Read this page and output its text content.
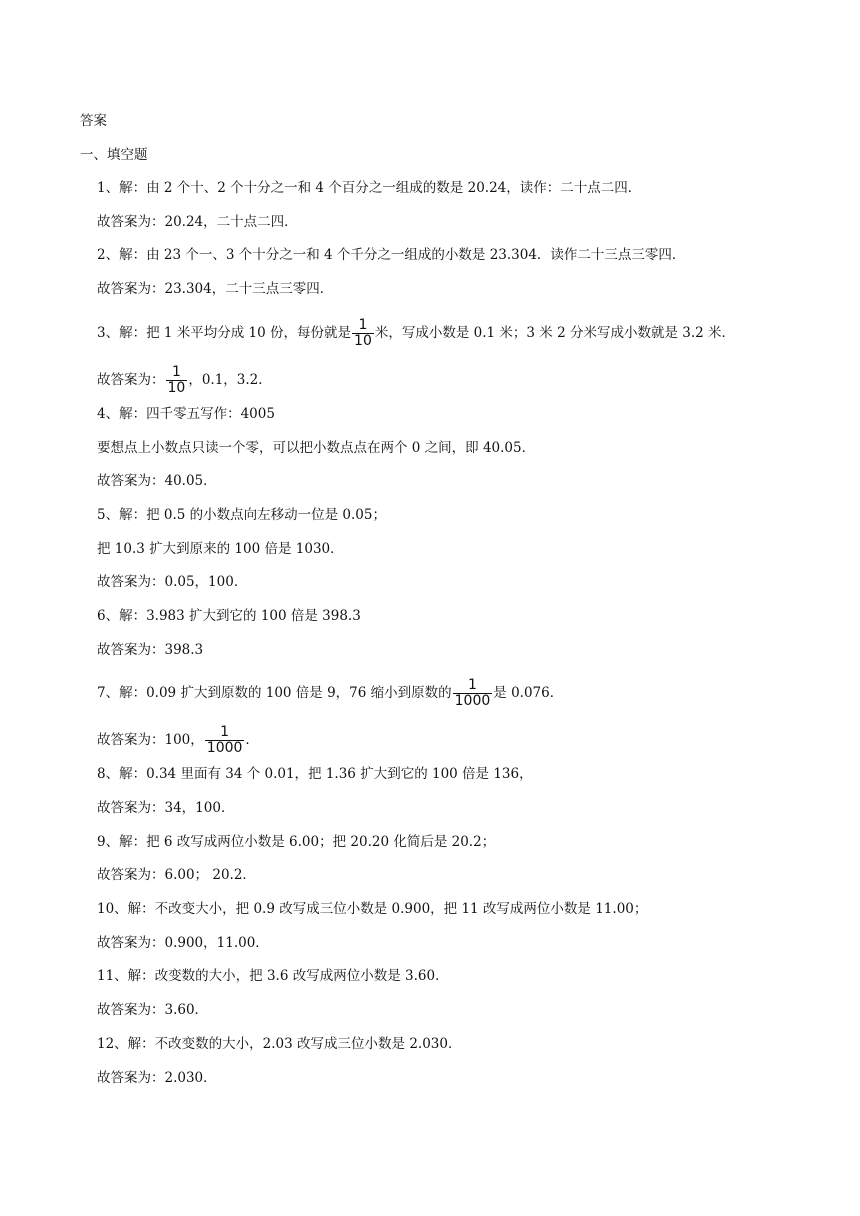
答案
一、填空题
1、解：由 2 个十、2 个十分之一和 4 个百分之一组成的数是 20.24，读作：二十点二四．
故答案为：20.24，二十点二四．
2、解：由 23 个一、3 个十分之一和 4 个千分之一组成的小数是 23.304．读作二十三点三零四．
故答案为：23.304，二十三点三零四．
3、解：把 1 米平均分成 10 份，每份就是 $\frac{1}{10}$ 米，写成小数是 0.1 米；3 米 2 分米写成小数就是 3.2 米．
故答案为： $\frac{1}{10}$ ，0.1，3.2．
4、解：四千零五写作：4005
要想点上小数点只读一个零，可以把小数点点在两个 0 之间，即 40.05．
故答案为：40.05．
5、解：把 0.5 的小数点向左移动一位是 0.05；
把 10.3 扩大到原来的 100 倍是 1030．
故答案为：0.05，100．
6、解：3.983 扩大到它的 100 倍是 398.3
故答案为：398.3
7、解：0.09 扩大到原数的 100 倍是 9，76 缩小到原数的 $\frac{1}{1000}$ 是 0.076．
故答案为：100， $\frac{1}{1000}$ ．
8、解：0.34 里面有 34 个 0.01，把 1.36 扩大到它的 100 倍是 136，
故答案为：34，100．
9、解：把 6 改写成两位小数是 6.00；把 20.20 化简后是 20.2；
故答案为：6.00； 20.2．
10、解：不改变大小，把 0.9 改写成三位小数是 0.900，把 11 改写成两位小数是 11.00；
故答案为：0.900，11.00．
11、解：改变数的大小，把 3.6 改写成两位小数是 3.60．
故答案为：3.60．
12、解：不改变数的大小，2.03 改写成三位小数是 2.030．
故答案为：2.030．
